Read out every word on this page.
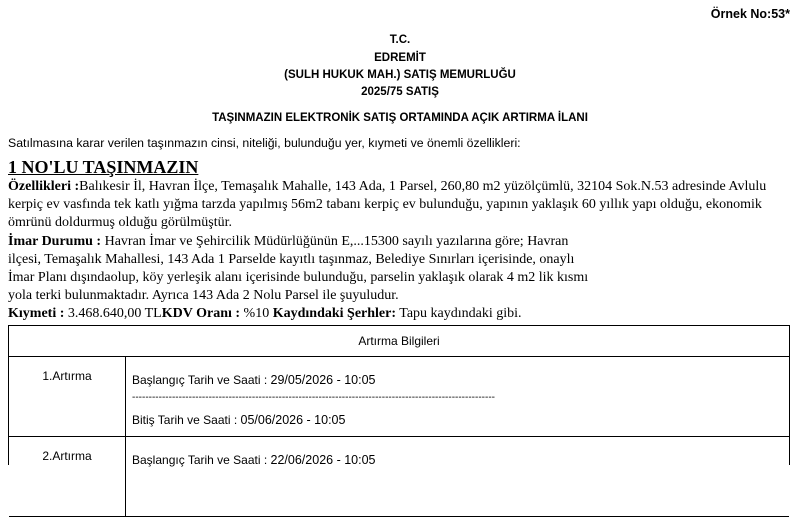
Örnek No:53*
T.C.
EDREMİT
(SULH HUKUK MAH.) SATIŞ MEMURLUĞU
2025/75 SATIŞ
TAŞINMAZIN ELEKTRONİK SATIŞ ORTAMINDA AÇIK ARTIRMA İLANI
Satılmasına karar verilen taşınmazın cinsi, niteliği, bulunduğu yer, kıymeti ve önemli özellikleri:
1 NO'LU TAŞINMAZIN
Özellikleri :Balıkesir İl, Havran İlçe, Temaşalık Mahalle, 143 Ada, 1 Parsel, 260,80 m2 yüzölçümlü, 32104 Sok.N.53 adresinde Avlulu kerpiç ev vasfında tek katlı yığma tarzda yapılmış 56m2 tabanı kerpiç ev bulunduğu, yapının yaklaşık 60 yıllık yapı olduğu, ekonomik ömrünü doldurmuş olduğu görülmüştür.
İmar Durumu : Havran İmar ve Şehircilik Müdürlüğünün E,...15300 sayılı yazılarına göre; Havran ilçesi, Temaşalık Mahallesi, 143 Ada 1 Parselde kayıtlı taşınmaz, Belediye Sınırları içerisinde, onaylı İmar Planı dışındaolup, köy yerleşik alanı içerisinde bulunduğu, parselin yaklaşık olarak 4 m2 lik kısmı yola terki bulunmaktadır. Ayrıca 143 Ada 2 Nolu Parsel ile şuyuludur.
Kıymeti : 3.468.640,00 TLKDV Oranı : %10 Kaydındaki Şerhler: Tapu kaydındaki gibi.
Artırma Bilgileri
1.Artırma	Başlangıç Tarih ve Saati : 29/05/2026 - 10:05
-------------------------------------------------------------------------------------------------------------
Bitiş Tarih ve Saati : 05/06/2026 - 10:05
2.Artırma	Başlangıç Tarih ve Saati : 22/06/2026 - 10:05
